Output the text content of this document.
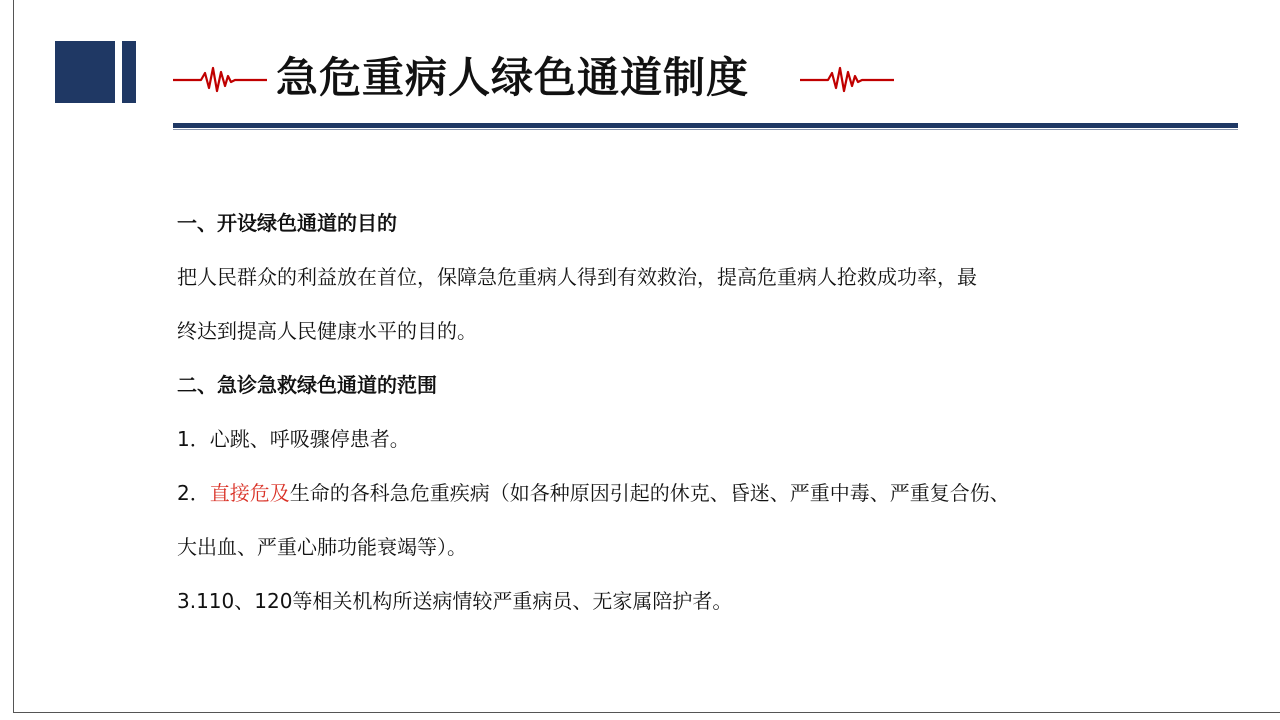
急危重病人绿色通道制度
一、开设绿色通道的目的
把人民群众的利益放在首位，保障急危重病人得到有效救治，提高危重病人抢救成功率，最
终达到提高人民健康水平的目的。
二、急诊急救绿色通道的范围
1．心跳、呼吸骤停患者。
2．直接危及生命的各科急危重疾病（如各种原因引起的休克、昏迷、严重中毒、严重复合伤、
大出血、严重心肺功能衰竭等）。
3.110、120等相关机构所送病情较严重病员、无家属陪护者。
